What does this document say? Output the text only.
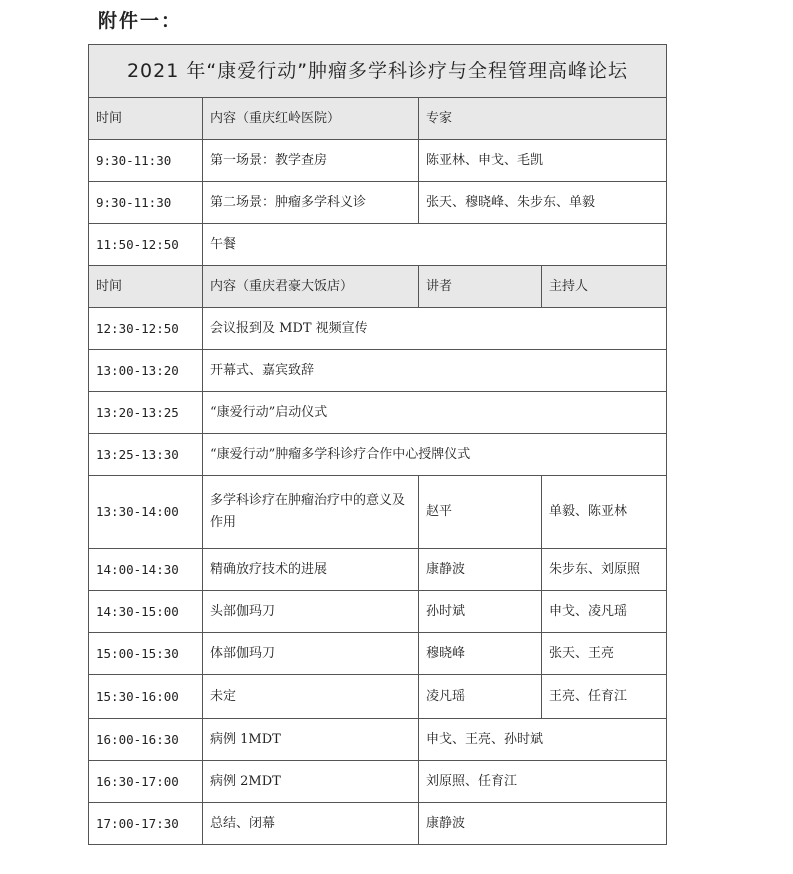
附件一：
2021 年“康爱行动”肿瘤多学科诊疗与全程管理高峰论坛			
时间	内容（重庆红岭医院）	专家	
9:30-11:30	第一场景：教学查房	陈亚林、申戈、毛凯	
9:30-11:30	第二场景：肿瘤多学科义诊	张天、穆晓峰、朱步东、单毅	
11:50-12:50	午餐		
时间	内容（重庆君豪大饭店）	讲者	主持人
12:30-12:50	会议报到及 MDT 视频宣传		
13:00-13:20	开幕式、嘉宾致辞		
13:20-13:25	“康爱行动”启动仪式		
13:25-13:30	“康爱行动”肿瘤多学科诊疗合作中心授牌仪式		
13:30-14:00	多学科诊疗在肿瘤治疗中的意义及作用	赵平	单毅、陈亚林
14:00-14:30	精确放疗技术的进展	康静波	朱步东、刘原照
14:30-15:00	头部伽玛刀	孙时斌	申戈、凌凡瑶
15:00-15:30	体部伽玛刀	穆晓峰	张天、王亮
15:30-16:00	未定	凌凡瑶	王亮、任育江
16:00-16:30	病例 1MDT	申戈、王亮、孙时斌	
16:30-17:00	病例 2MDT	刘原照、任育江	
17:00-17:30	总结、闭幕	康静波	
